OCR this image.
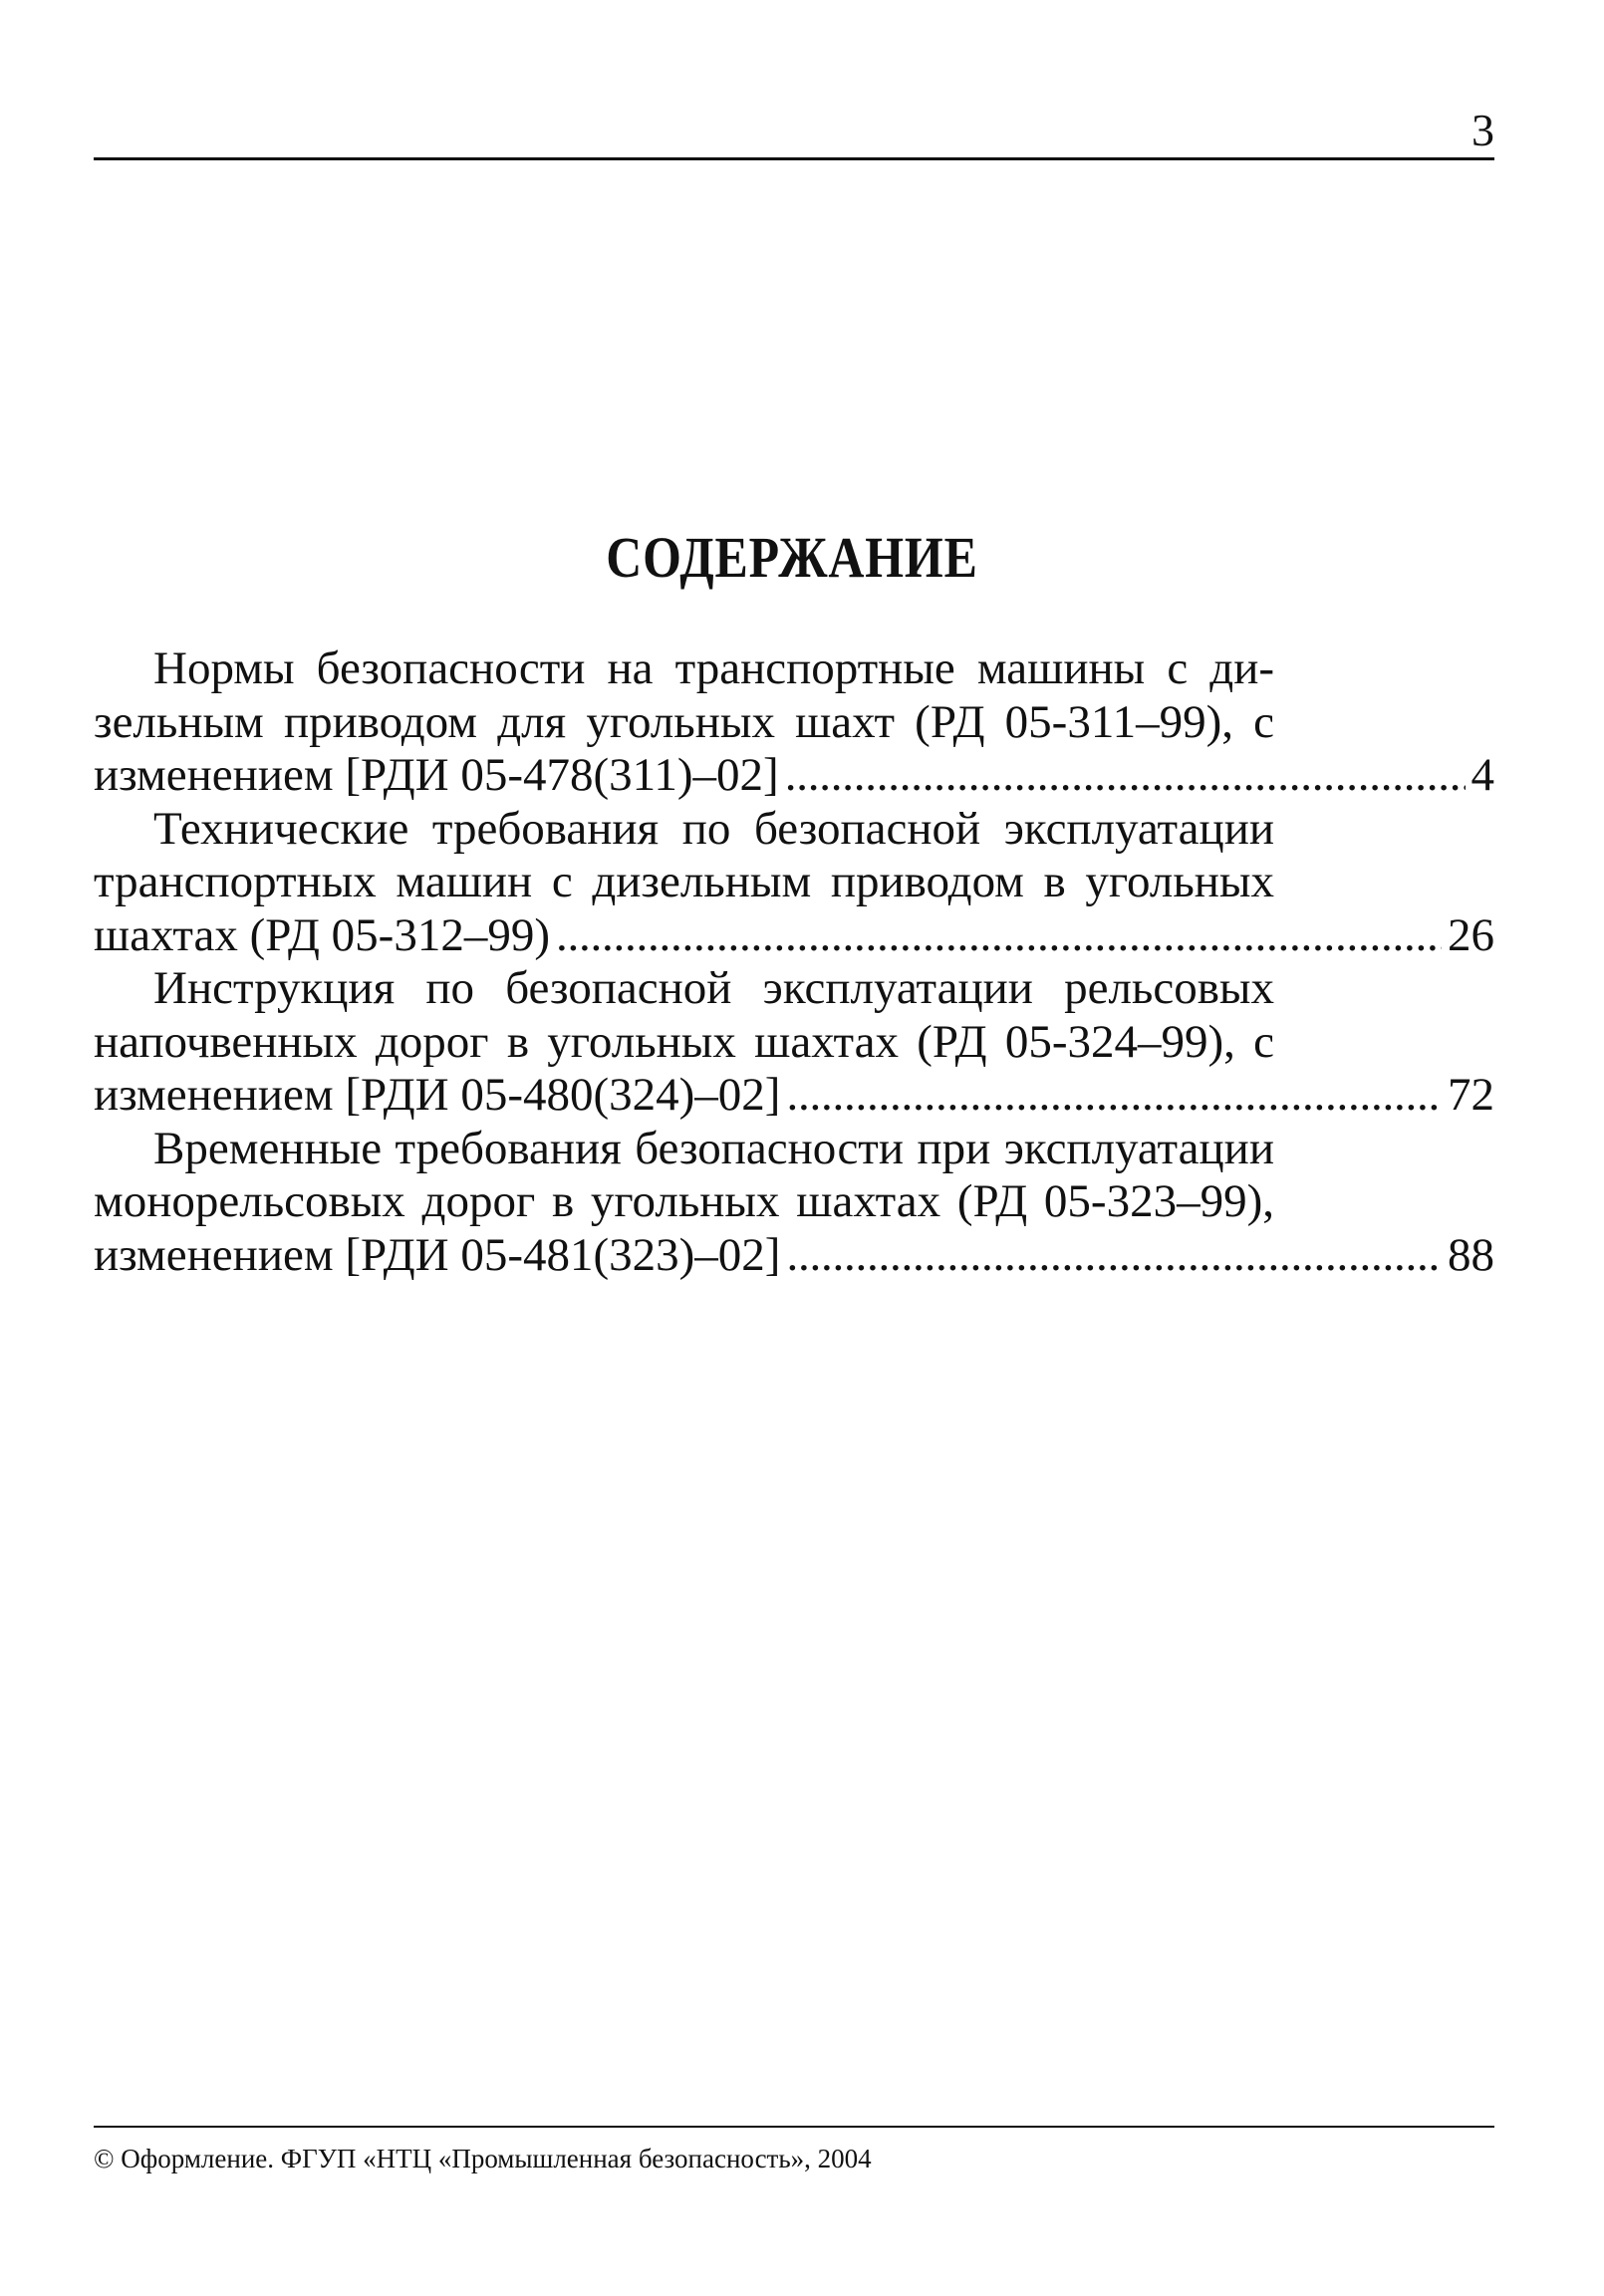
3
СОДЕРЖАНИЕ
Нормы безопасности на транспортные машины с ди-
зельным приводом для угольных шахт (РД 05-311–99), с
изменением [РДИ 05-478(311)–02] . . .	4
Технические требования по безопасной эксплуатации
транспортных машин с дизельным приводом в угольных
шахтах (РД 05-312–99) . . .	26
Инструкция по безопасной эксплуатации рельсовых
напочвенных дорог в угольных шахтах (РД 05-324–99), с
изменением [РДИ 05-480(324)–02] . . .	72
Временные требования безопасности при эксплуатации
монорельсовых дорог в угольных шахтах (РД 05-323–99),
изменением [РДИ 05-481(323)–02] . . .	88
© Оформление. ФГУП «НТЦ «Промышленная безопасность», 2004
